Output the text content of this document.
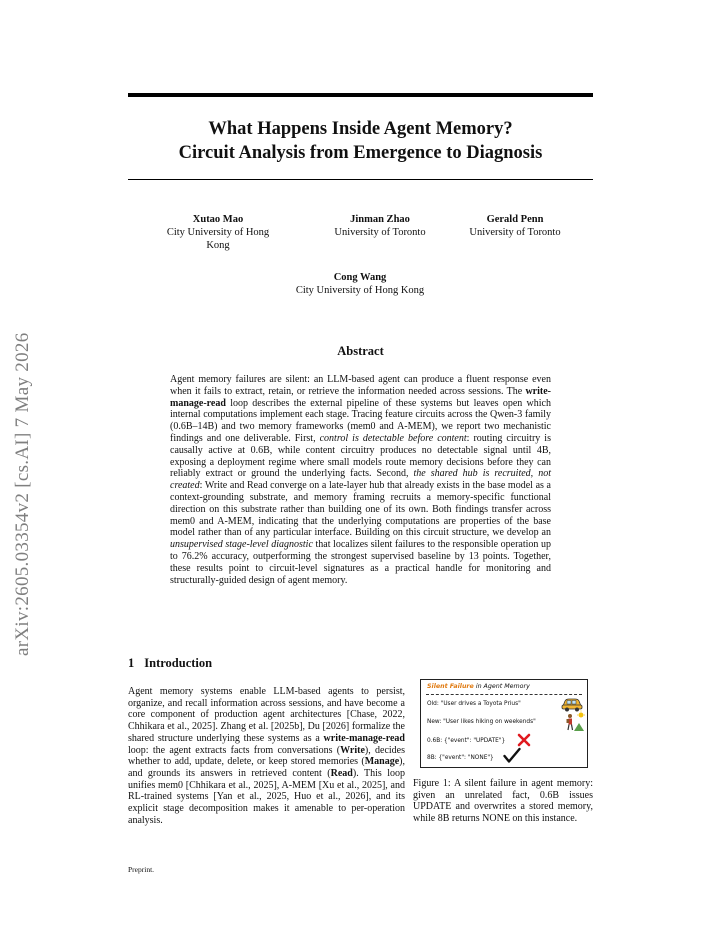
arXiv:2605.03354v2 [cs.AI] 7 May 2026
What Happens Inside Agent Memory?
Circuit Analysis from Emergence to Diagnosis
Xutao Mao
City University of Hong Kong
Jinman Zhao
University of Toronto
Gerald Penn
University of Toronto
Cong Wang
City University of Hong Kong
Abstract
Agent memory failures are silent: an LLM-based agent can produce a fluent response even when it fails to extract, retain, or retrieve the information needed across sessions. The write-manage-read loop describes the external pipeline of these systems but leaves open which internal computations implement each stage. Tracing feature circuits across the Qwen-3 family (0.6B–14B) and two memory frameworks (mem0 and A-MEM), we report two mechanistic findings and one deliverable. First, control is detectable before content: routing circuitry is causally active at 0.6B, while content circuitry produces no detectable signal until 4B, exposing a deployment regime where small models route memory decisions before they can reliably extract or ground the underlying facts. Second, the shared hub is recruited, not created: Write and Read converge on a late-layer hub that already exists in the base model as a context-grounding substrate, and memory framing recruits a memory-specific functional direction on this substrate rather than building one of its own. Both findings transfer across mem0 and A-MEM, indicating that the underlying computations are properties of the base model rather than of any particular interface. Building on this circuit structure, we develop an unsupervised stage-level diagnostic that localizes silent failures to the responsible operation up to 76.2% accuracy, outperforming the strongest supervised baseline by 13 points. Together, these results point to circuit-level signatures as a practical handle for monitoring and structurally-guided design of agent memory.
1 Introduction
Agent memory systems enable LLM-based agents to persist, organize, and recall information across sessions, and have become a core component of production agent architectures [Chase, 2022, Chhikara et al., 2025]. Zhang et al. [2025b], Du [2026] formalize the shared structure underlying these systems as a write-manage-read loop: the agent extracts facts from conversations (Write), decides whether to add, update, delete, or keep stored memories (Manage), and grounds its answers in retrieved content (Read). This loop unifies mem0 [Chhikara et al., 2025], A-MEM [Xu et al., 2025], and RL-trained systems [Yan et al., 2025, Huo et al., 2026], and its explicit stage decomposition makes it amenable to per-operation analysis.
Silent Failure in Agent Memory
Old: "User drives a Toyota Prius"
New: "User likes hiking on weekends"
0.6B: {"event": "UPDATE"}
8B: {"event": "NONE"}
Figure 1: A silent failure in agent memory: given an unrelated fact, 0.6B issues UPDATE and overwrites a stored memory, while 8B returns NONE on this instance.
Preprint.
